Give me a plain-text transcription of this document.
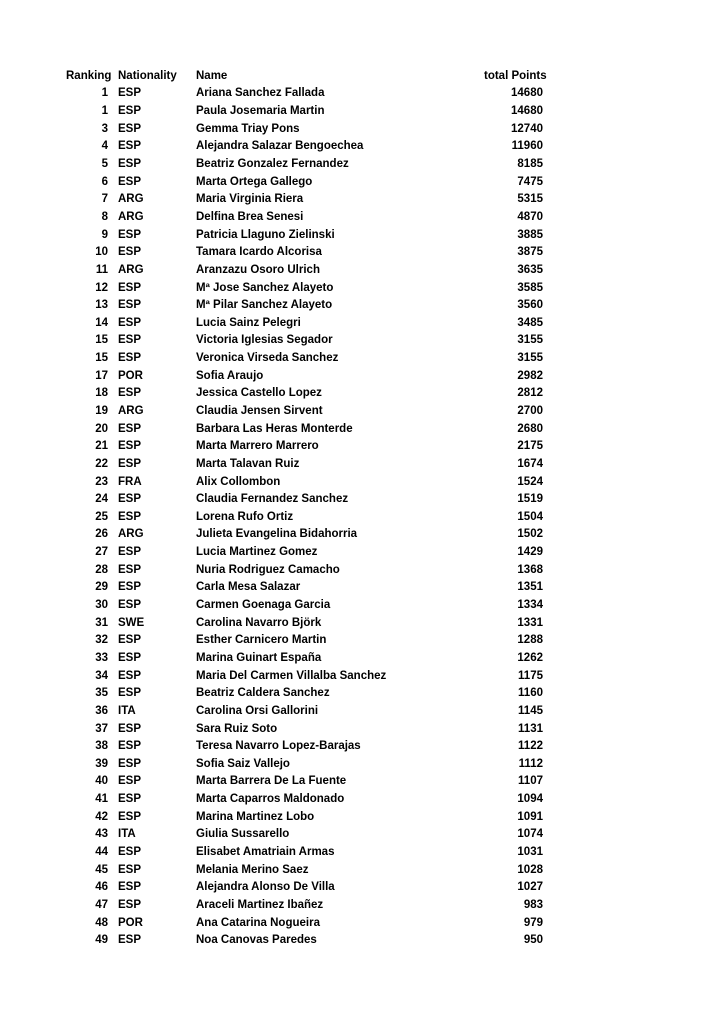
Ranking Nationality	Name	total Points
1 ESP	Ariana Sanchez Fallada	14680
1 ESP	Paula Josemaria Martin	14680
3 ESP	Gemma Triay Pons	12740
4 ESP	Alejandra Salazar Bengoechea	11960
5 ESP	Beatriz Gonzalez Fernandez	8185
6 ESP	Marta Ortega Gallego	7475
7 ARG	Maria Virginia Riera	5315
8 ARG	Delfina Brea Senesi	4870
9 ESP	Patricia Llaguno Zielinski	3885
10 ESP	Tamara Icardo Alcorisa	3875
11 ARG	Aranzazu Osoro Ulrich	3635
12 ESP	Mª Jose Sanchez Alayeto	3585
13 ESP	Mª Pilar Sanchez Alayeto	3560
14 ESP	Lucia Sainz Pelegri	3485
15 ESP	Victoria Iglesias Segador	3155
15 ESP	Veronica Virseda Sanchez	3155
17 POR	Sofia Araujo	2982
18 ESP	Jessica Castello Lopez	2812
19 ARG	Claudia Jensen Sirvent	2700
20 ESP	Barbara Las Heras Monterde	2680
21 ESP	Marta Marrero Marrero	2175
22 ESP	Marta Talavan Ruiz	1674
23 FRA	Alix Collombon	1524
24 ESP	Claudia Fernandez Sanchez	1519
25 ESP	Lorena Rufo Ortiz	1504
26 ARG	Julieta Evangelina Bidahorria	1502
27 ESP	Lucia Martinez Gomez	1429
28 ESP	Nuria Rodriguez Camacho	1368
29 ESP	Carla Mesa Salazar	1351
30 ESP	Carmen Goenaga Garcia	1334
31 SWE	Carolina Navarro Björk	1331
32 ESP	Esther Carnicero Martin	1288
33 ESP	Marina Guinart España	1262
34 ESP	Maria Del Carmen Villalba Sanchez	1175
35 ESP	Beatriz Caldera Sanchez	1160
36 ITA	Carolina Orsi Gallorini	1145
37 ESP	Sara Ruiz Soto	1131
38 ESP	Teresa Navarro Lopez-Barajas	1122
39 ESP	Sofia Saiz Vallejo	1112
40 ESP	Marta Barrera De La Fuente	1107
41 ESP	Marta Caparros Maldonado	1094
42 ESP	Marina Martinez Lobo	1091
43 ITA	Giulia Sussarello	1074
44 ESP	Elisabet Amatriain Armas	1031
45 ESP	Melania Merino Saez	1028
46 ESP	Alejandra Alonso De Villa	1027
47 ESP	Araceli Martinez Ibañez	983
48 POR	Ana Catarina Nogueira	979
49 ESP	Noa Canovas Paredes	950
